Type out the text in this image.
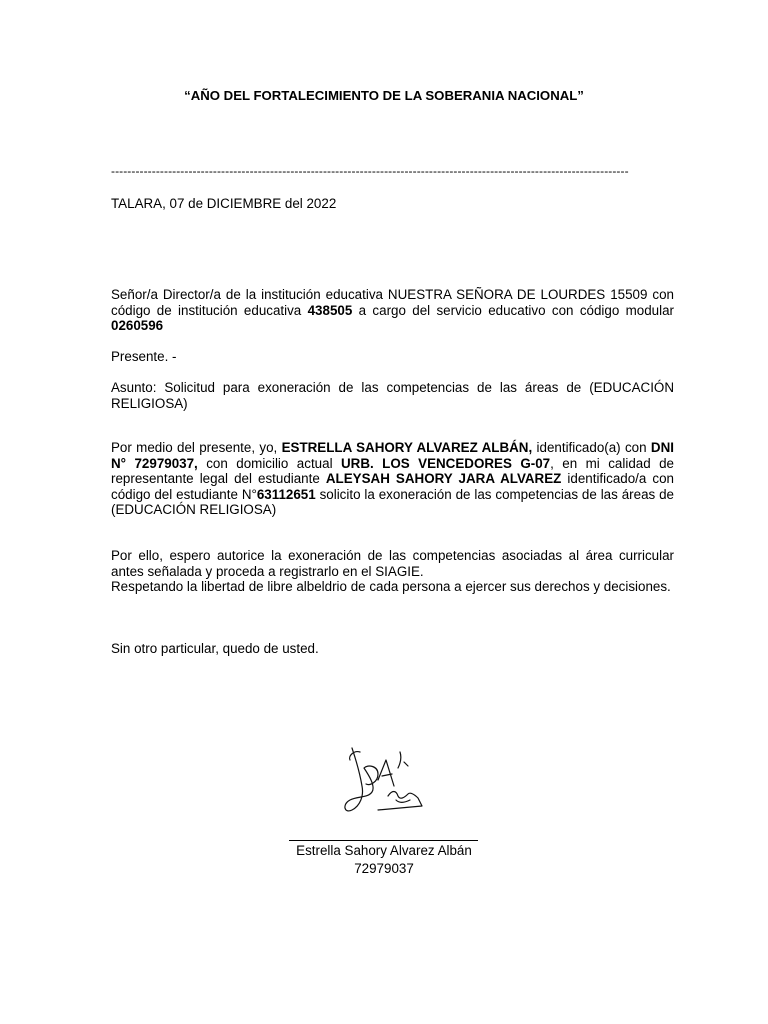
“AÑO DEL FORTALECIMIENTO DE LA SOBERANIA NACIONAL”
-------------------------------------------------------------------------------------------------------------------------------

TALARA, 07 de DICIEMBRE del 2022

Señor/a Director/a de la institución educativa NUESTRA SEÑORA DE LOURDES 15509 con código de institución educativa 438505 a cargo del servicio educativo con código modular 0260596

Presente. -

Asunto: Solicitud para exoneración de las competencias de las áreas de (EDUCACIÓN RELIGIOSA)

Por medio del presente, yo, ESTRELLA SAHORY ALVAREZ ALBÁN, identificado(a) con DNI N° 72979037, con domicilio actual URB. LOS VENCEDORES G-07, en mi calidad de representante legal del estudiante ALEYSAH SAHORY JARA ALVAREZ identificado/a con código del estudiante N°63112651 solicito la exoneración de las competencias de las áreas de (EDUCACIÓN RELIGIOSA)

Por ello, espero autorice la exoneración de las competencias asociadas al área curricular antes señalada y proceda a registrarlo en el SIAGIE.

Respetando la libertad de libre albeldrio de cada persona a ejercer sus derechos y decisiones.

Sin otro particular, quedo de usted.

Estrella Sahory Alvarez Albán
72979037
